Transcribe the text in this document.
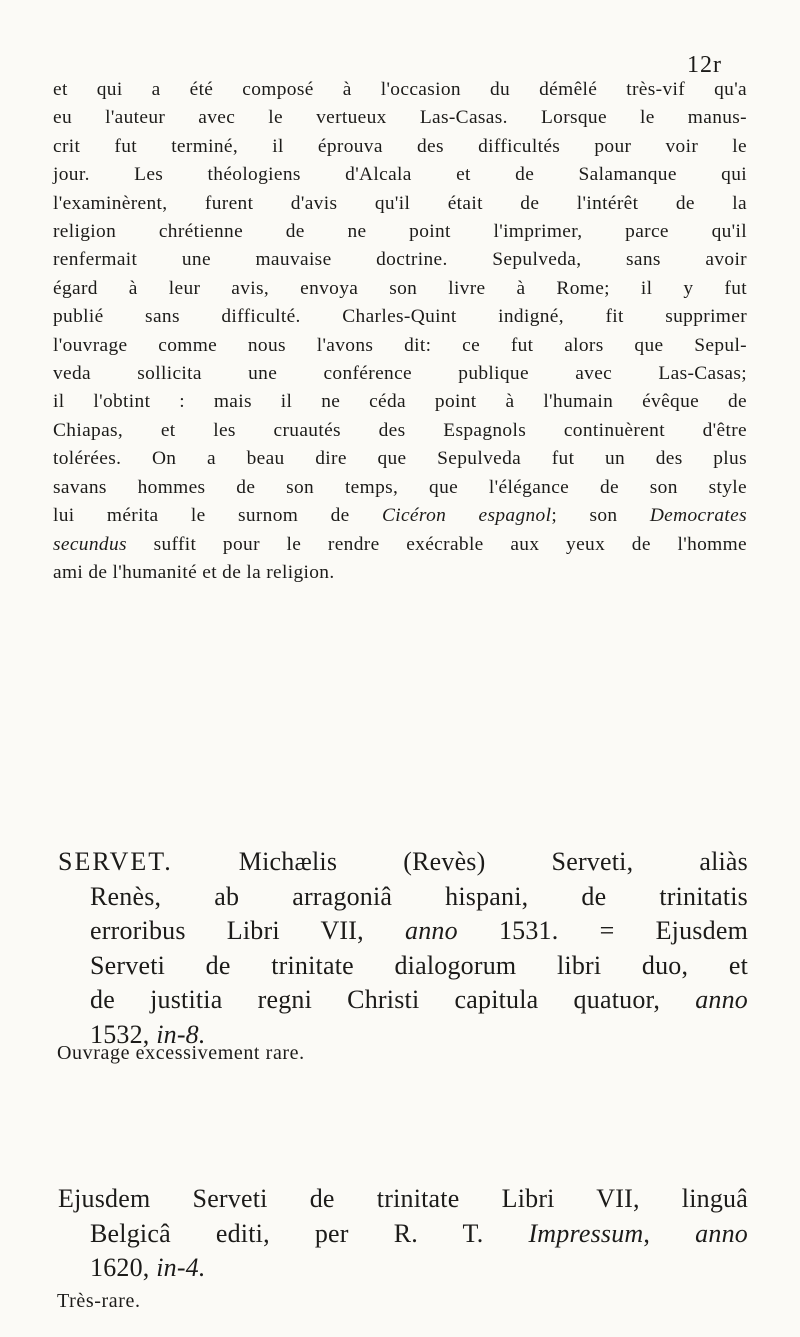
12r
et qui a été composé à l'occasion du démêlé très-vif qu'a
eu l'auteur avec le vertueux Las-Casas. Lorsque le manus-
crit fut terminé, il éprouva des difficultés pour voir le
jour. Les théologiens d'Alcala et de Salamanque qui
l'examinèrent, furent d'avis qu'il était de l'intérêt de la
religion chrétienne de ne point l'imprimer, parce qu'il
renfermait une mauvaise doctrine. Sepulveda, sans avoir
égard à leur avis, envoya son livre à Rome; il y fut
publié sans difficulté. Charles-Quint indigné, fit supprimer
l'ouvrage comme nous l'avons dit: ce fut alors que Sepul-
veda sollicita une conférence publique avec Las-Casas;
il l'obtint : mais il ne céda point à l'humain évêque de
Chiapas, et les cruautés des Espagnols continuèrent d'être
tolérées. On a beau dire que Sepulveda fut un des plus
savans hommes de son temps, que l'élégance de son style
lui mérita le surnom de Cicéron espagnol; son Democrates
secundus suffit pour le rendre exécrable aux yeux de l'homme
ami de l'humanité et de la religion.
SERVET. Michælis (Revès) Serveti, aliàs
Renès, ab arragoniâ hispani, de trinitatis
erroribus Libri VII, anno 1531. = Ejusdem
Serveti de trinitate dialogorum libri duo, et
de justitia regni Christi capitula quatuor, anno
1532, in-8.
Ouvrage excessivement rare.
Ejusdem Serveti de trinitate Libri VII, linguâ
Belgicâ editi, per R. T. Impressum, anno
1620, in-4.
Très-rare.
